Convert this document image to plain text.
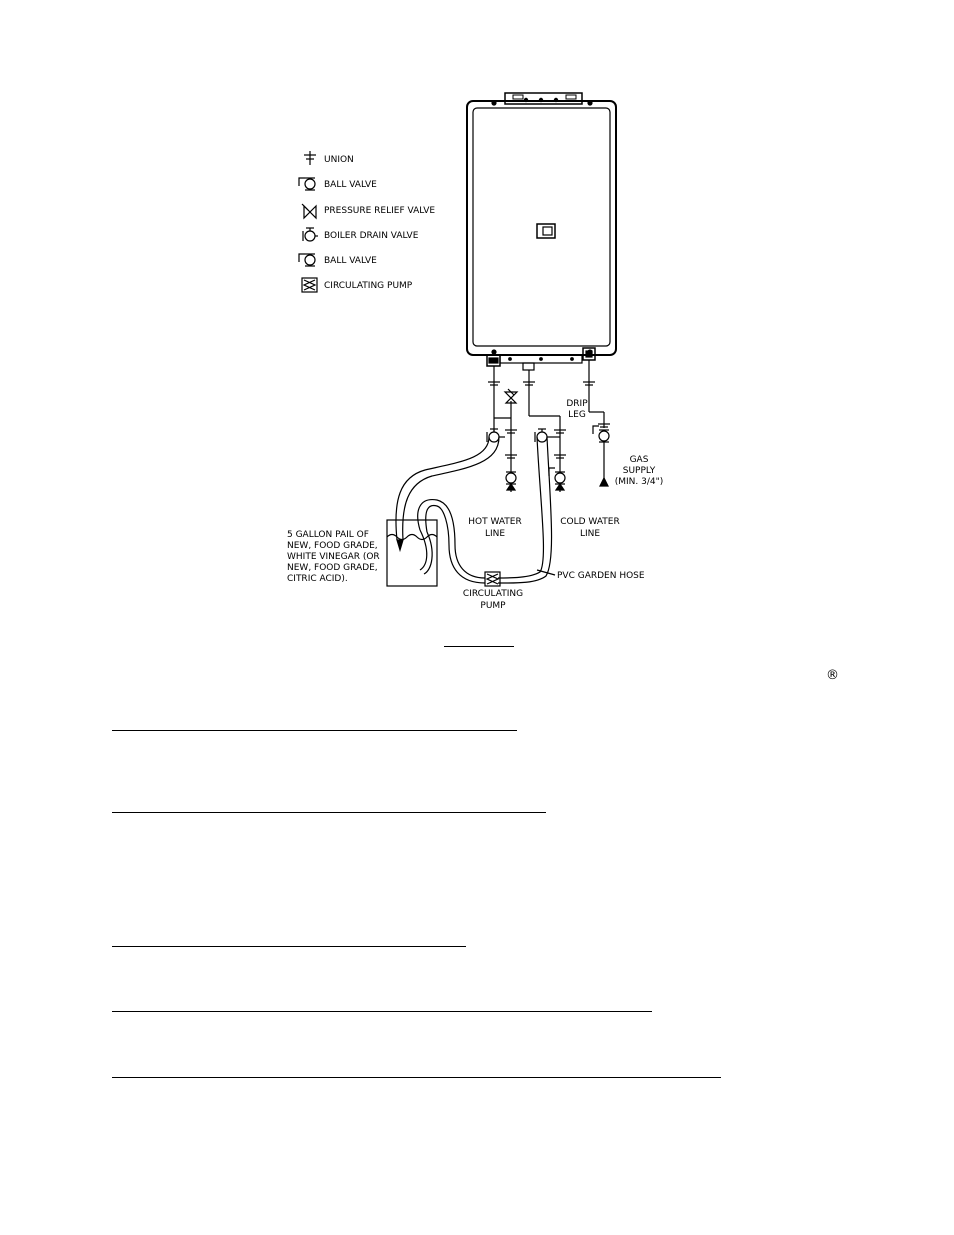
UNION
BALL VALVE
PRESSURE RELIEF VALVE
BOILER DRAIN VALVE
BALL VALVE
CIRCULATING PUMP
DRIP
LEG
GAS
SUPPLY
(MIN. 3/4")
HOT WATER
LINE
COLD WATER
LINE
5 GALLON PAIL OF
NEW, FOOD GRADE,
WHITE VINEGAR (OR
NEW, FOOD GRADE,
CITRIC ACID).	PVC GARDEN HOSE
CIRCULATING
PUMP
®
